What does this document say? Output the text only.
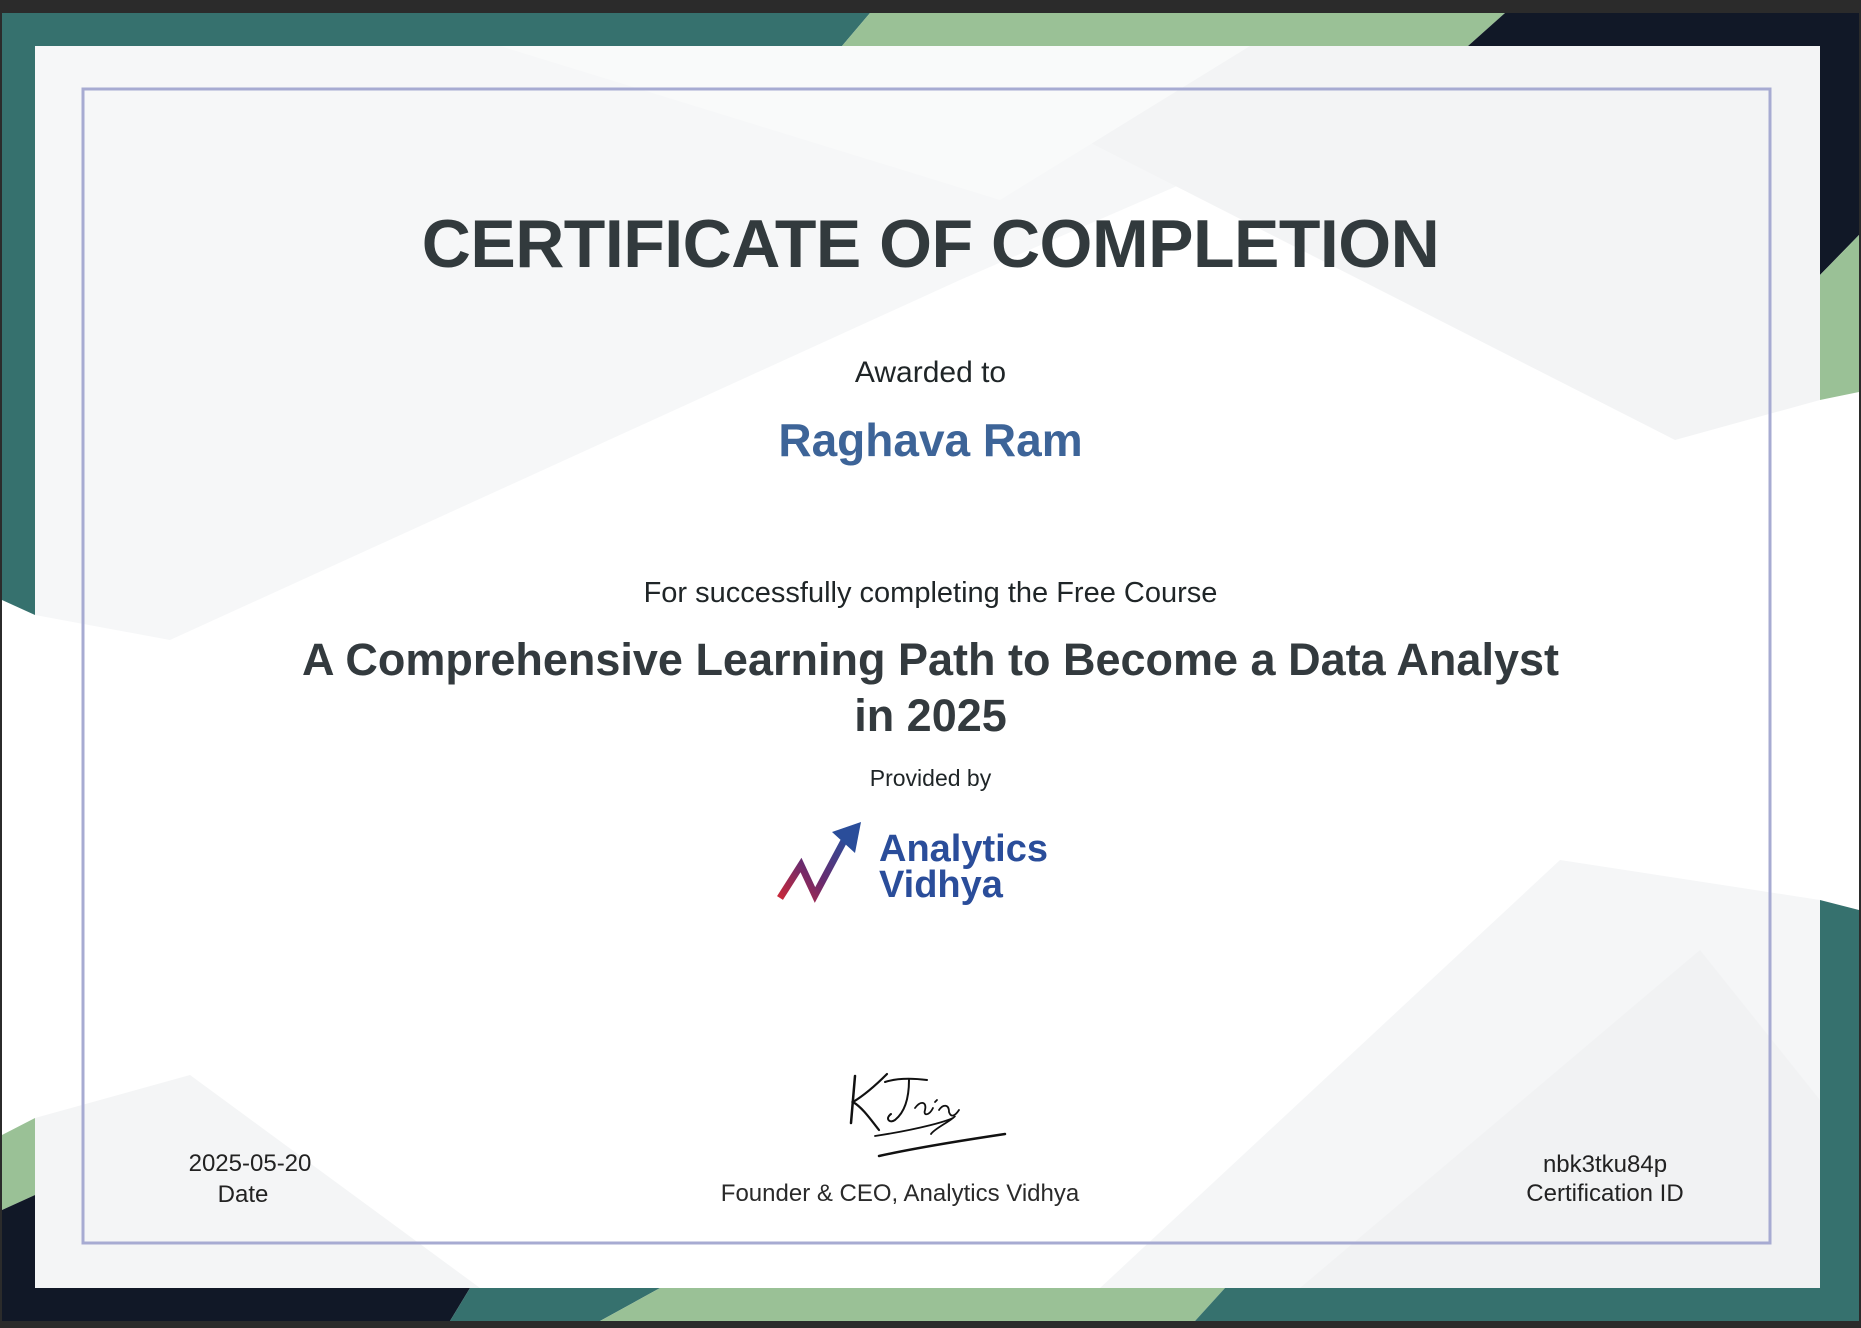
CERTIFICATE OF COMPLETION

Awarded to

Raghava Ram

For successfully completing the Free Course

A Comprehensive Learning Path to Become a Data Analyst in 2025

Provided by

Analytics

Vidhya

2025-05-20

Date	Founder & CEO, Analytics Vidhya

nbk3tku84p

Certification ID
